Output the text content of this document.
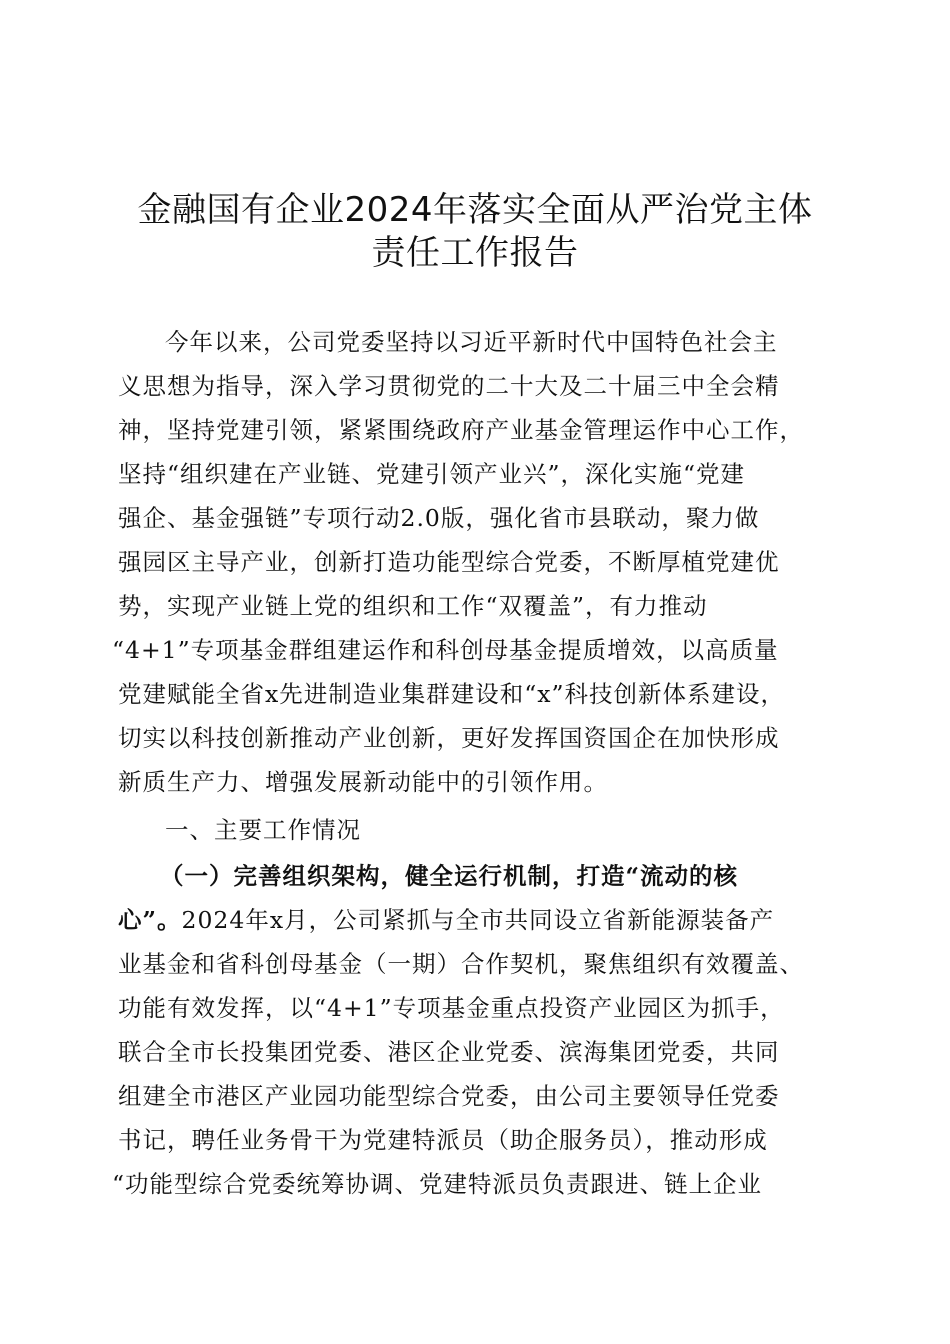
金融国有企业2024年落实全面从严治党主体
责任工作报告
今年以来，公司党委坚持以习近平新时代中国特色社会主
义思想为指导，深入学习贯彻党的二十大及二十届三中全会精
神，坚持党建引领，紧紧围绕政府产业基金管理运作中心工作，
坚持“组织建在产业链、党建引领产业兴”，深化实施“党建
强企、基金强链”专项行动2.0版，强化省市县联动，聚力做
强园区主导产业，创新打造功能型综合党委，不断厚植党建优
势，实现产业链上党的组织和工作“双覆盖”，有力推动
“4+1”专项基金群组建运作和科创母基金提质增效，以高质量
党建赋能全省x先进制造业集群建设和“x”科技创新体系建设，
切实以科技创新推动产业创新，更好发挥国资国企在加快形成
新质生产力、增强发展新动能中的引领作用。
一、主要工作情况
（一）完善组织架构，健全运行机制，打造“流动的核
心”。2024年x月，公司紧抓与全市共同设立省新能源装备产
业基金和省科创母基金（一期）合作契机，聚焦组织有效覆盖、
功能有效发挥，以“4+1”专项基金重点投资产业园区为抓手，
联合全市长投集团党委、港区企业党委、滨海集团党委，共同
组建全市港区产业园功能型综合党委，由公司主要领导任党委
书记，聘任业务骨干为党建特派员（助企服务员），推动形成
“功能型综合党委统筹协调、党建特派员负责跟进、链上企业
